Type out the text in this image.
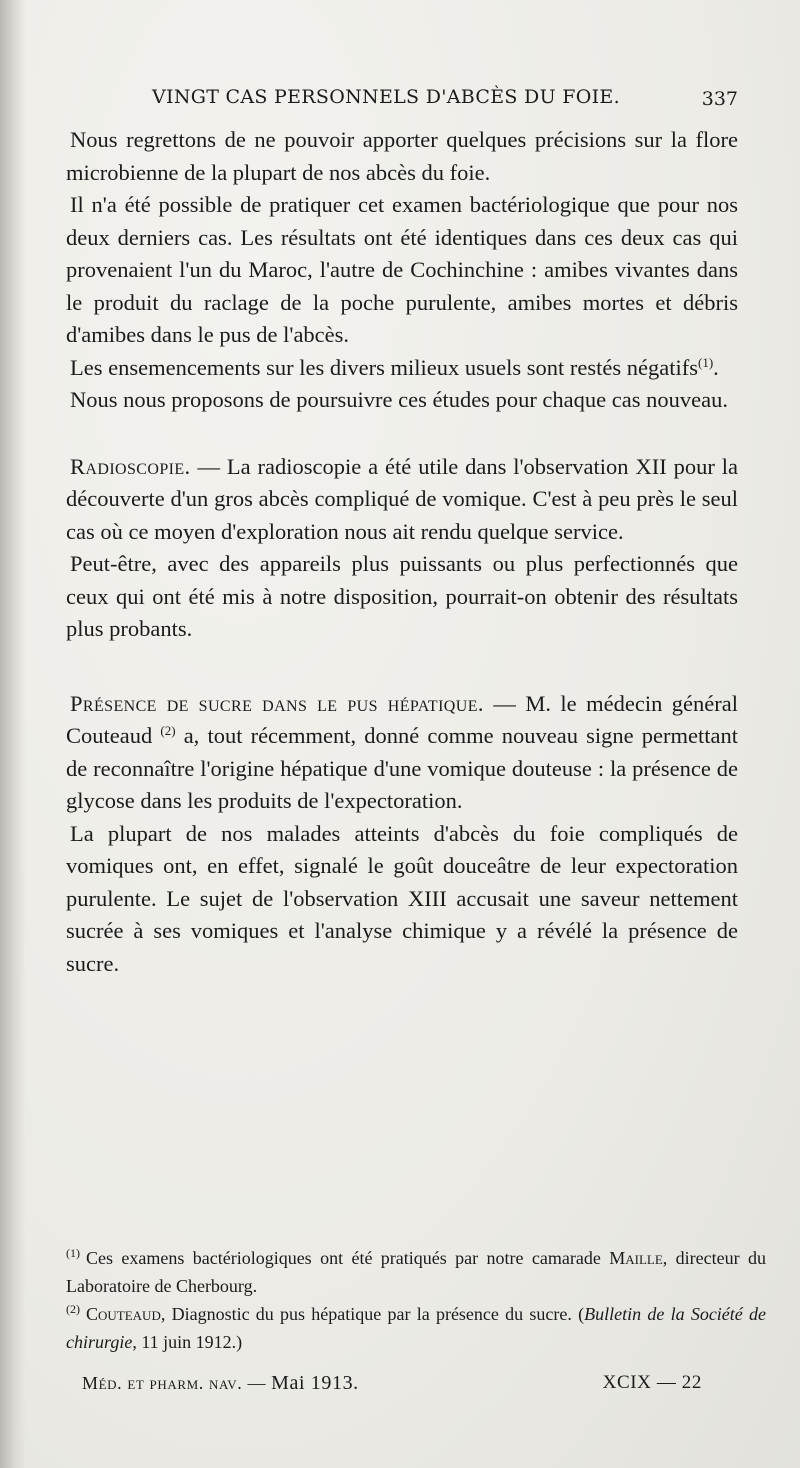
VINGT CAS PERSONNELS D'ABCÈS DU FOIE.	337

Nous regrettons de ne pouvoir apporter quelques précisions sur la flore microbienne de la plupart de nos abcès du foie.

Il n'a été possible de pratiquer cet examen bactériologique que pour nos deux derniers cas. Les résultats ont été identiques dans ces deux cas qui provenaient l'un du Maroc, l'autre de Cochinchine : amibes vivantes dans le produit du raclage de la poche purulente, amibes mortes et débris d'amibes dans le pus de l'abcès.

Les ensemencements sur les divers milieux usuels sont restés négatifs$^{(1)}$.

Nous nous proposons de poursuivre ces études pour chaque cas nouveau.

Radioscopie. — La radioscopie a été utile dans l'observation XII pour la découverte d'un gros abcès compliqué de vomique. C'est à peu près le seul cas où ce moyen d'exploration nous ait rendu quelque service.

Peut-être, avec des appareils plus puissants ou plus perfectionnés que ceux qui ont été mis à notre disposition, pourrait-on obtenir des résultats plus probants.

Présence de sucre dans le pus hépatique. — M. le médecin général Couteaud $^{(2)}$ a, tout récemment, donné comme nouveau signe permettant de reconnaître l'origine hépatique d'une vomique douteuse : la présence de glycose dans les produits de l'expectoration.

La plupart de nos malades atteints d'abcès du foie compliqués de vomiques ont, en effet, signalé le goût douceâtre de leur expectoration purulente. Le sujet de l'observation XIII accusait une saveur nettement sucrée à ses vomiques et l'analyse chimique y a révélé la présence de sucre.

$^{(1)}$ Ces examens bactériologiques ont été pratiqués par notre camarade Maille, directeur du Laboratoire de Cherbourg.

$^{(2)}$ Couteaud, Diagnostic du pus hépatique par la présence du sucre. (Bulletin de la Société de chirurgie, 11 juin 1912.)

Méd. et pharm. nav. — Mai 1913.	XCIX — 22
